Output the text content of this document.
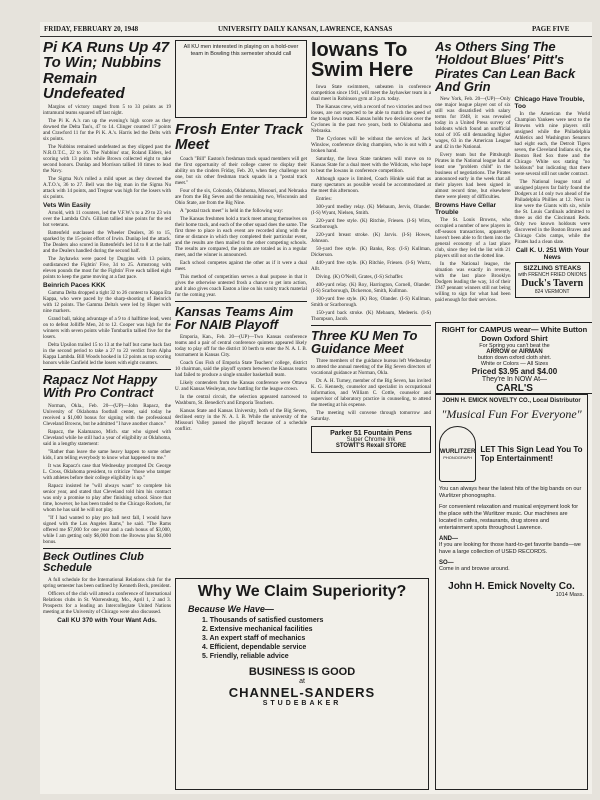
FRIDAY, FEBRUARY 20, 1948	UNIVERSITY DAILY KANSAN, LAWRENCE, KANSAS	PAGE FIVE
Pi KA Runs Up 47 To Win; Nubbins Remain Undefeated

Margins of victory ranged from 5 to 33 points as 19 intramural teams squared off last night.

The Pi K. A.'s ran up the evening's high score as they downed the Delta Tau's, 47 to 14. Clinger counted 17 points and Crawford 11 for the Pi K. A.'s. Harris led the Delts with six points.

The Nubbins remained undefeated as they slipped past the N.R.O.T.C., 22 to 16. The Nubbins' star, Roland Elders, led scoring with 13 points while Brown collected eight to take second honors. Dunlap and Morrison tallied 10 times to lead the Navy.

The Sigma Nu's rolled a mild upset as they downed the A.T.O.'s, 36 to 27. Bell was the big man in the Sigma Nu attack with 14 points, and Tregear was high for the losers with six points.

Vets Win Easily

Arnold, with 11 counters, led the V.F.W.'s to a 29 to 23 win over the Lambda Chi's. Gilliam tallied nine points for the red hot veterans.

Battenfeld outclassed the Wheeler Dealers, 36 to 15, sparked by the 15-point effort of Irwin. Dunlap led the attack. The Dealers also scored in Battenfeld's led 14 to 8 at the half and the Dealers handled during the second half.

The Jayhawks were paced by Duggins with 13 points, outdistanced the Fightin' Five, 34 to 25. Armstrong with eleven pounds the most for the Fightin' Five each tallied eight points to keep the game moving at a fast pace.

Beinrich Paces KKK

Gamma Delta dropped a tight 32 to 26 contest to Kappa Eta Kappa, who were paced by the sharp-shooting of Beinrich with 12 points. The Gamma Delta's were led by Huper with nine markers.

Grand ball, taking advantage of a 9 to 4 halftime lead, went on to defeat Jolliffe Men, 24 to 12. Cooper was high for the winners with seven points while Tombarlin tallied five for the losers.

Delta Upsilon trailed 15 to 13 at the half but came back fast in the second period to take a 27 to 22 verdict from Alpha Kappa Lambda. Bill Woods hooked in 12 points as top scoring honors while Canfield led the losers with eight counters.

Rapacz Not Happy With Pro Contract

Norman, Okla., Feb. 20—(UP)—John Rapacz, the University of Oklahoma football center, said today he received a $1,000 bonus for signing with the professional Cleveland Browns, but he admitted "I have another chance."

Rapacz, the Kalamazoo, Mich. star who signed with Cleveland while he still had a year of eligibility at Oklahoma, said in a lengthy statement:

"Rather than leave the same heavy happen to some other kids, I am telling everybody to know what happened to me."

It was Rapacz's case that Wednesday prompted Dr. George L. Cross, Oklahoma president, to criticize "those who tamper with athletes before their college eligibility is up."

Rapacz insisted he "will always want" to complete his senior year, and stated that Cleveland told him his contract was only a promise to play after finishing school. Since that time, however, he has been traded to the Chicago Rockets, for whom he has said he will not play.

"If I had wanted to play pro ball next fall, I would have signed with the Los Angeles Rams," he said. "The Rams offered me $7,000 for one year and a cash bonus of $3,000, while I am getting only $6,000 from the Browns plus $1,000 bonus.

Beck Outlines Club Schedule

A full schedule for the International Relations club for the spring semester has been outlined by Kenneth Beck, president.

Officers of the club will attend a conference of International Relations clubs in St. Warrensburg, Mo., April 1, 2 and 3. Prospects for a leading an Intercollegiate United Nations meeting at the University of Chicago were also discussed.

Call KU 370 with Your Want Ads.
All KU men interested in playing on a hold-over team in Bowling this semester should call
Frosh Enter Track Meet

Coach "Bill" Easton's freshman track squad members will get the first opportunity of their college career to display their ability on the cinders Friday, Feb. 20, when they challenge not one, but six other freshman track squads in a "postal track meet."

Four of the six, Colorado, Oklahoma, Missouri, and Nebraska are from the Big Seven and the remaining two, Wisconsin and Ohio State, are from the Big Nine.

A "postal track meet" is held in the following way:

The Kansas freshmen hold a track meet among themselves on their home track, and each of the other squad does the same. The first three to place in each event are recorded along with the time or distance in which they completed their particular event, and the results are then mailed to the other competing schools. The results are compared, the points are totaled as in a regular meet, and the winner is announced.

Each school competes against the other as if it were a dual meet.

This method of competition serves a dual purpose in that it gives the otherwise untested frosh a chance to get into action, and it also gives coach Easton a line on his varsity track material for the coming year.

Kansas Teams Aim For NAIB Playoff

Emporia, Kan., Feb. 20—(UP)—Two Kansas conference teams and a pair of central conference quintets appeared likely today to play off for the district 10 berth to enter the N. A. I. B. tournament in Kansas City.

Coach Gus Fish of Emporia State Teachers' college, district 10 chairman, said the playoff system between the Kansas teams had failed to produce a single smaller basketball team.

Likely contenders from the Kansas conference were Ottawa U. and Kansas Wesleyan, now battling for the league crown.

In the central circuit, the selection appeared narrowed to Washburn, St. Benedict's and Emporia Teachers.

Kansas State and Kansas University, both of the Big Seven, declined entry in the N. A. I. B. While the university of the Missouri Valley passed the playoff because of a schedule conflict.

Iowans To Swim Here

Iowa State swimmers, unbeaten in conference competition since 1941, will meet the Jayhawker team in a dual meet in Robinson gym at 3 p.m. today.

The Kansas crew, with a record of two victories and two losses, are not expected to be able to match the speed of the tough Iowa team. Kansas holds two decisions over the Cyclones in the past two years, both to Oklahoma and Nebraska.

The Cyclones will be without the services of Jack Winslow, conference diving champion, who is out with a broken hand.

Saturday, the Iowa State tankmen will move on to Kansas State for a dual meet with the Wildcats, who hope to beat the Iowans in conference competition.

Although space is limited, Coach Hinkle said that as many spectators as possible would be accommodated at the meet this afternoon.

Entries:

300-yard medley relay. (K) Mebaum, Jervis, Olander. (I-S) Wyant, Nielsen, Smith.

220-yard free style. (K) Ritchie, Friesen. (I-S) Wirts, Scarborough.

220-yard breast stroke. (K) Jarvis. (I-S) Howes, Johnson.

50-yard free style. (K) Banks, Roy. (I-S) Kullman, Dickerson.

440-yard free style. (K) Ritchie, Friesen. (I-S) Wurtz, Allt.

Diving. (K) O'Neill, Grates, (I-S) Schaffer.

400-yard relay. (K) Roy, Harrington, Cornell, Olander. (I-S) Scarborough, Dickerson, Smith, Kullman.

100-yard free style. (K) Roy, Olander. (I-S) Kullman, Smith or Scarborough.

150-yard back stroke. (K) Mebaum, Medeeris. (I-S) Thompson, Jacob.

Three KU Men To Guidance Meet

Three members of the guidance bureau left Wednesday to attend the annual meeting of the Big Seven directors of vocational guidance at Norman, Okla.

Dr. A. H. Turney, member of the Big Seven, has invited K. G. Kennedy, counselor and specialist in occupational information, and William C. Cottle, counselor and supervisor of laboratory practice in counseling, to attend the meeting at his expense.

The meeting will convene through tomorrow and Saturday.

Parker 51 Fountain Pens
Super Chrome Ink
STOWIT'S Rexall STORE
As Others Sing The 'Holdout Blues' Pitt's Pirates Can Lean Back And Grin

New York, Feb. 20—(UP)—Only one major league player out of six still was dissatisfied with salary terms for 1948, it was revealed today in a United Press survey of holdouts which found an unofficial total of 105 still demanding higher wages, 63 in the American League and 42 in the National.

Every team but the Pittsburgh Pirates in the National league had at least one "problem child" in the business of negotiations. The Pirates announced early in the week that all their players had been signed in almost record time, but elsewhere there were plenty of difficulties.

Browns Have Cellar Trouble

The St. Louis Browns, who occupied a number of new players in off-season transactions, apparently haven't been able to fit them into the general economy of a last place club, since they led the list with 21 players still not on the dotted line.

In the National league, the situation was exactly in reverse, with the last place Brooklyn Dodgers leading the way, 14 of their 1947 pennant winners still not being willing to sign for what had been paid enough for their services.

Chicago Have Trouble, Too

In the American the World Champion Yankees were next to the Browns with nine players still unsigned while the Philadelphia Athletics and Washington Senators had eight each, the Detroit Tigers seven, the Cleveland Indians six, the Boston Red Sox three and the Chicago White sox stating "no holdouts" but indicating that there were several still not under contract.

The National league total of unsigned players far fairly found the Dodgers at 14 only two ahead of the Philadelphia Phillies at 12. Next in line were the Giants with six, while the St. Louis Cardinals admitted to three as did the Cincinnati Reds. Only two known holdouts were discovered in the Boston Braves and Chicago Cubs camps, while the Pirates had a clean slate.

Call K. U. 251 With Your News
SIZZLING STEAKS
with FRENCH FRIED ONIONS
Duck's Tavern
824 VERMONT
RIGHT for CAMPUS wear— White Button Down Oxford Shirt
For Spring you can't beat the
ARROW or AIRMAN
button down oxford cloth shirt.
White or Colors — All Sizes
Priced $3.95 and $4.00
They're In NOW At—
CARL'S
JOHN H. EMICK NOVELTY CO., Local Distributor
"Musical Fun For Everyone"
WURLITZER
PHONOGRAPH
LET This Sign Lead You To Top Entertainment!
You can always hear the latest hits of the big bands on our Wurlitzer phonographs.
For convenient relaxation and musical enjoyment look for the place with the Wurlitzer music. Our machines are located in cafes, restaurants, drug stores and entertainment spots throughout Lawrence.
AND—
If you are looking for those hard-to-get favorite bands—we have a large collection of USED RECORDS.
SO—
Come in and browse around.
John H. Emick Novelty Co.
1014 Mass.
Why We Claim Superiority?
Because We Have—
1. Thousands of satisfied customers
2. Extensive mechanical facilities
3. An expert staff of mechanics
4. Efficient, dependable service
5. Friendly, reliable advice
BUSINESS IS GOOD
at
CHANNEL-SANDERS
STUDEBAKER
